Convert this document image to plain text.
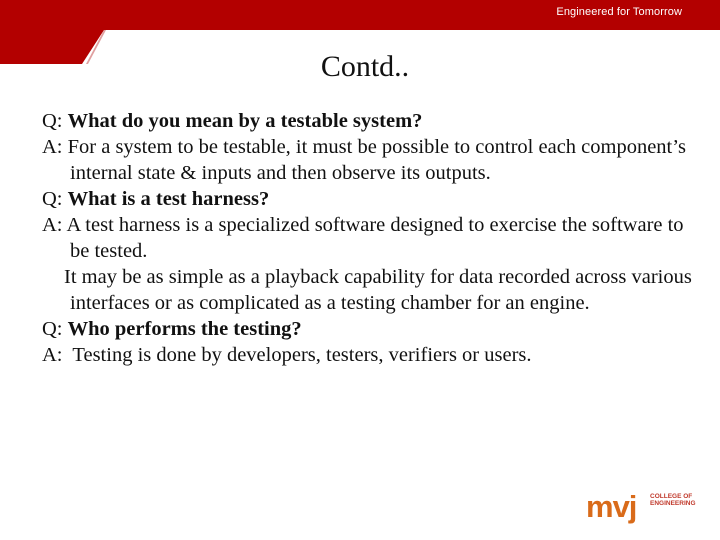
Engineered for Tomorrow
Contd..

Q: What do you mean by a testable system?

A: For a system to be testable, it must be possible to control each component’s internal state & inputs and then observe its outputs.

Q: What is a test harness?

A: A test harness is a specialized software designed to exercise the software to be tested.

It may be as simple as a playback capability for data recorded across various interfaces or as complicated as a testing chamber for an engine.

Q: Who performs the testing?

A:  Testing is done by developers, testers, verifiers or users.

mvj COLLEGE OF
ENGINEERING
